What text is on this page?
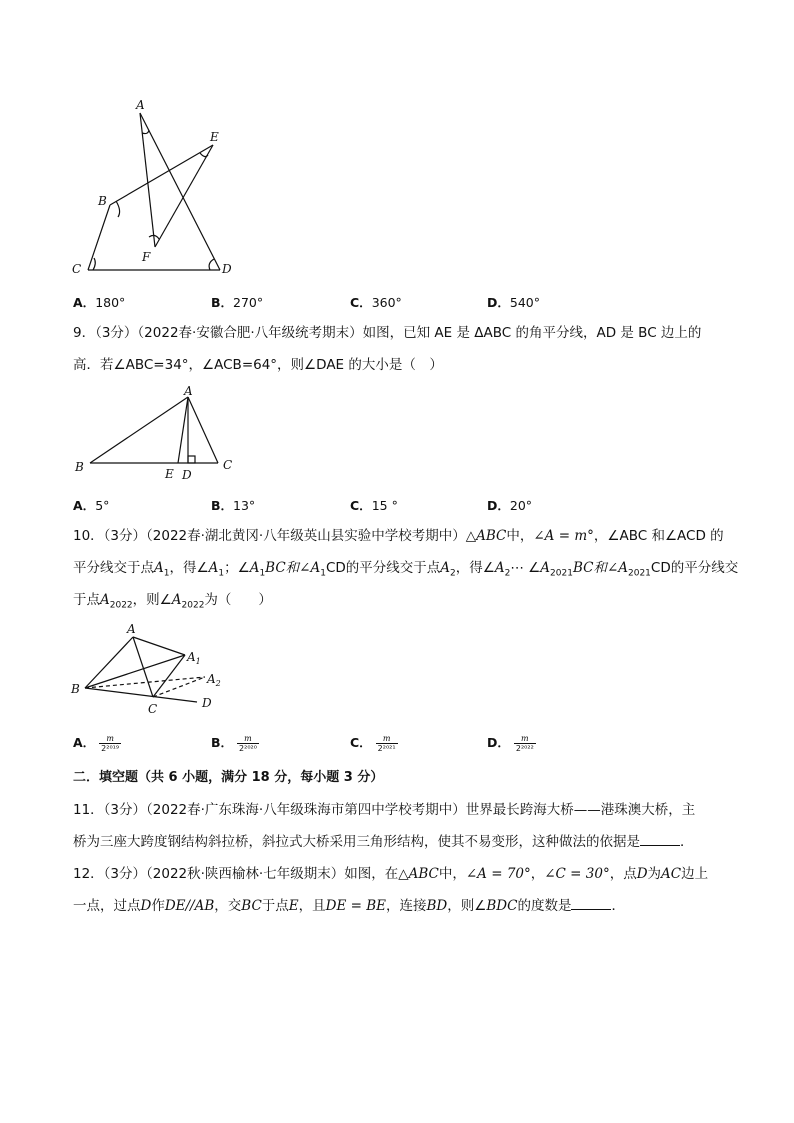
A
E
B
F
C	D
A．180°	B．270°	C．360°	D．540°
9．（3分）（2022春·安徽合肥·八年级统考期末）如图，已知 AE 是 ΔABC 的角平分线，AD 是 BC 边上的
高．若∠ABC=34°，∠ACB=64°，则∠DAE 的大小是（　）
A
B	E D
C
A．5°	B．13°	C．15 °	D．20°
10．（3分）（2022春·湖北黄冈·八年级英山县实验中学校考期中）△ABC中，∠A = m°，∠ABC 和∠ACD 的
平分线交于点$A_1$，得$\angle A_1$；$\angle A_1BC$和$\angle A_1CD$的平分线交于点$A_2$，得$\angle A_2\cdots$ $\angle A_{2021}BC$和$\angle A_{2021}CD$的平分线交
于点$A_{2022}$，则$\angle A_{2022}$为（　　）
A
$A_1$
$A_2$
B
C	D
A． $\frac{m}{\text{2²⁰¹⁹}}$	B． $\frac{m}{\text{2²⁰²⁰}}$	C． $\frac{m}{\text{2²⁰²¹}}$	D． $\frac{m}{\text{2²⁰²²}}$
二．填空题（共 6 小题，满分 18 分，每小题 3 分）
11．（3分）（2022春·广东珠海·八年级珠海市第四中学校考期中）世界最长跨海大桥——港珠澳大桥，主
桥为三座大跨度钢结构斜拉桥，斜拉式大桥采用三角形结构，使其不易变形，这种做法的依据是	．
12．（3分）（2022秋·陕西榆林·七年级期末）如图，在△ABC中，∠A = 70°，∠C = 30°，点D为AC边上
一点，过点D作DE//AB，交BC于点E，且DE = BE，连接BD，则∠BDC的度数是	．
